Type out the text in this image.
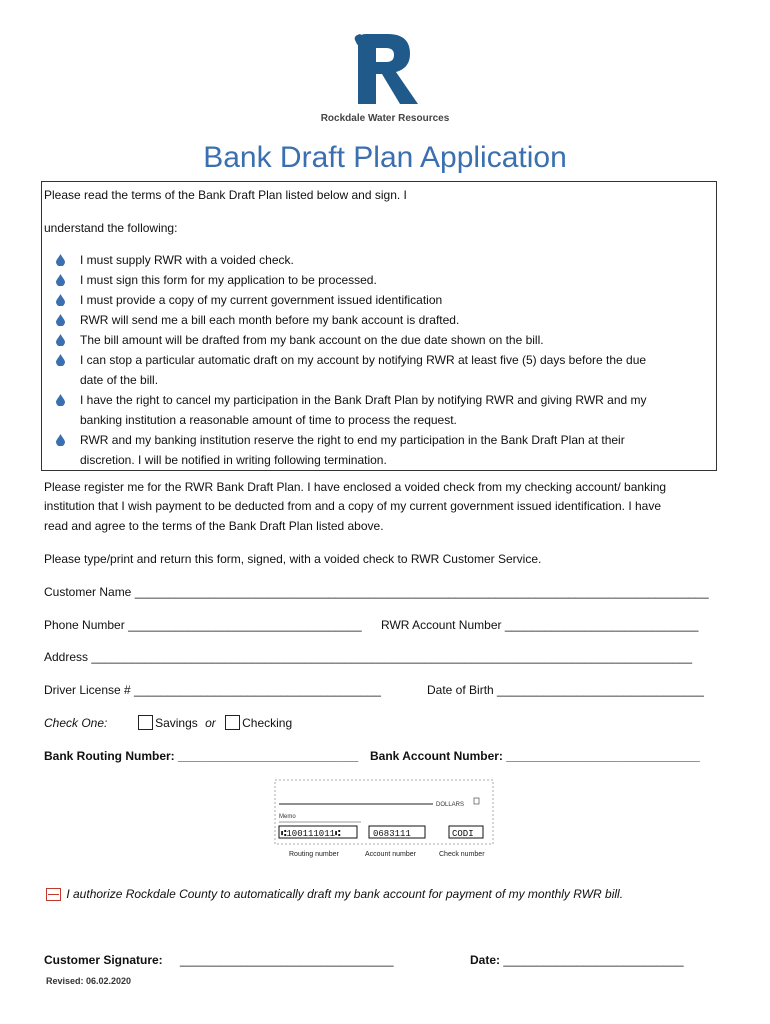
Rockdale Water Resources
Bank Draft Plan Application
Please read the terms of the Bank Draft Plan listed below and sign. I
understand the following:
I must supply RWR with a voided check.
I must sign this form for my application to be processed.
I must provide a copy of my current government issued identification
RWR will send me a bill each month before my bank account is drafted.
The bill amount will be drafted from my bank account on the due date shown on the bill.
I can stop a particular automatic draft on my account by notifying RWR at least five (5) days before the due
date of the bill.
I have the right to cancel my participation in the Bank Draft Plan by notifying RWR and giving RWR and my
banking institution a reasonable amount of time to process the request.
RWR and my banking institution reserve the right to end my participation in the Bank Draft Plan at their
discretion. I will be notified in writing following termination.
Please register me for the RWR Bank Draft Plan. I have enclosed a voided check from my checking account/ banking
institution that I wish payment to be deducted from and a copy of my current government issued identification. I have
read and agree to the terms of the Bank Draft Plan listed above.
Please type/print and return this form, signed, with a voided check to RWR Customer Service.
Customer Name ______________________________________________________________________________________
Phone Number ___________________________________ RWR Account Number _____________________________
Address __________________________________________________________________________________________
Driver License # _____________________________________	Date of Birth _______________________________
Check One:	Savings or Checking
Bank Routing Number: ___________________________ Bank Account Number: _____________________________
DOLLARS
Memo
⑆100111011⑆	0683111	CODI
Routing number	Account number	Check number
I authorize Rockdale County to automatically draft my bank account for payment of my monthly RWR bill.
Customer Signature: ________________________________	Date: ___________________________
Revised: 06.02.2020
